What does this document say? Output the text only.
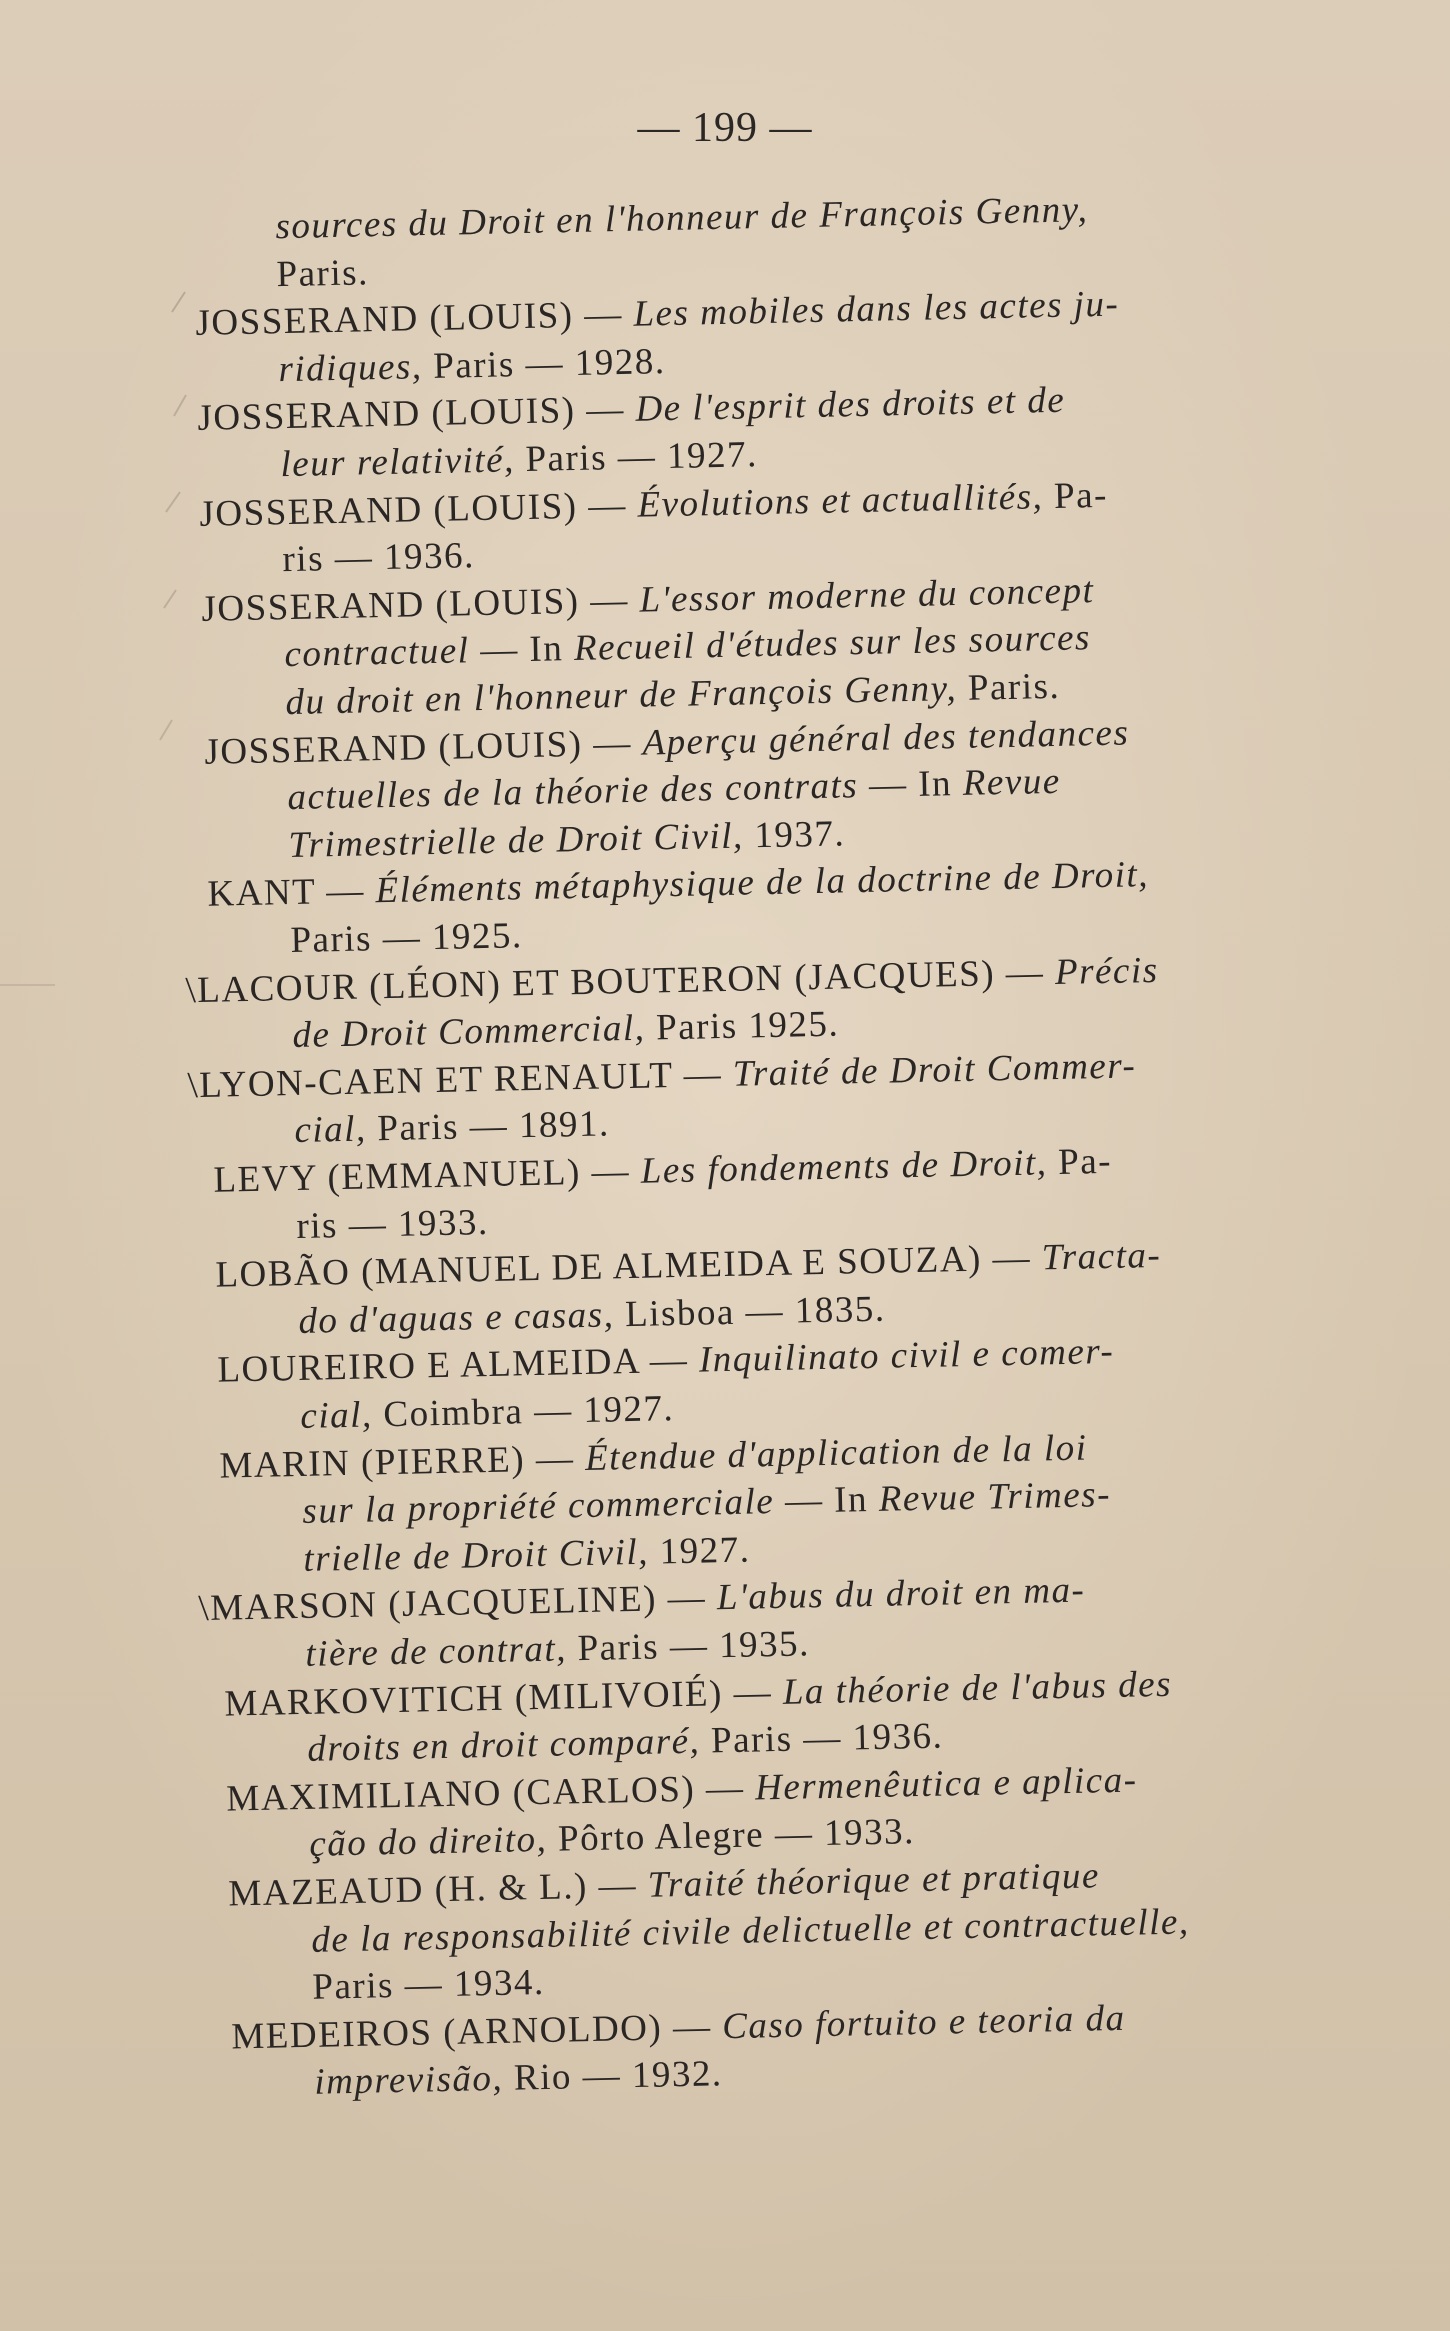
— 199 —
sources du Droit en l'honneur de François Genny,
Paris.
JOSSERAND (LOUIS) — Les mobiles dans les actes ju-
ridiques, Paris — 1928.
JOSSERAND (LOUIS) — De l'esprit des droits et de
leur relativité, Paris — 1927.
JOSSERAND (LOUIS) — Évolutions et actuallités, Pa-
ris — 1936.
JOSSERAND (LOUIS) — L'essor moderne du concept
contractuel — In Recueil d'études sur les sources
du droit en l'honneur de François Genny, Paris.
JOSSERAND (LOUIS) — Aperçu général des tendances
actuelles de la théorie des contrats — In Revue
Trimestrielle de Droit Civil, 1937.
KANT — Éléments métaphysique de la doctrine de Droit,
Paris — 1925.
\LACOUR (LÉON) ET BOUTERON (JACQUES) — Précis
de Droit Commercial, Paris 1925.
\LYON-CAEN ET RENAULT — Traité de Droit Commer-
cial, Paris — 1891.
LEVY (EMMANUEL) — Les fondements de Droit, Pa-
ris — 1933.
LOBÃO (MANUEL DE ALMEIDA E SOUZA) — Tracta-
do d'aguas e casas, Lisboa — 1835.
LOUREIRO E ALMEIDA — Inquilinato civil e comer-
cial, Coimbra — 1927.
MARIN (PIERRE) — Étendue d'application de la loi
sur la propriété commerciale — In Revue Trimes-
trielle de Droit Civil, 1927.
\MARSON (JACQUELINE) — L'abus du droit en ma-
tière de contrat, Paris — 1935.
MARKOVITICH (MILIVOIÉ) — La théorie de l'abus des
droits en droit comparé, Paris — 1936.
MAXIMILIANO (CARLOS) — Hermenêutica e aplica-
ção do direito, Pôrto Alegre — 1933.
MAZEAUD (H. & L.) — Traité théorique et pratique
de la responsabilité civile delictuelle et contractuelle,
Paris — 1934.
MEDEIROS (ARNOLDO) — Caso fortuito e teoria da
imprevisão, Rio — 1932.
